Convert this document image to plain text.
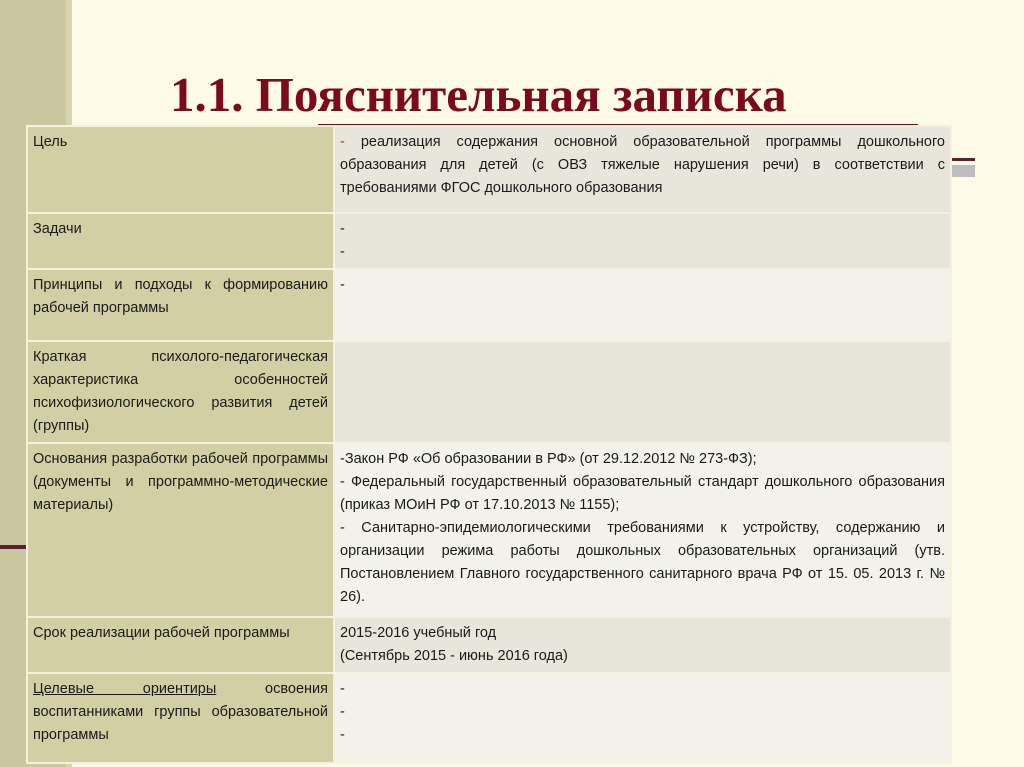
1.1. Пояснительная записка
Цель	- реализация содержания основной образовательной программы дошкольного образования для детей (с ОВЗ тяжелые нарушения речи) в соответствии с требованиями ФГОС дошкольного образования
Задачи	-
-

Принципы и подходы к формированию рабочей программы	-

Краткая психолого-педагогическая характеристика особенностей психофизиологического развития детей (группы)	
Основания разработки рабочей программы (документы и программно-методические материалы)	-Закон РФ «Об образовании в РФ» (от 29.12.2012 № 273-ФЗ);
- Федеральный государственный образовательный стандарт дошкольного образования (приказ МОиН РФ от 17.10.2013 № 1155);
- Санитарно-эпидемиологическими требованиями к устройству, содержанию и организации режима работы дошкольных образовательных организаций (утв. Постановлением Главного государственного санитарного врача РФ от 15. 05. 2013 г. № 26).

Срок реализации рабочей программы	2015-2016 учебный год
(Сентябрь 2015 - июнь 2016 года)

Целевые ориентиры освоения воспитанниками группы образовательной программы	-
-
-
